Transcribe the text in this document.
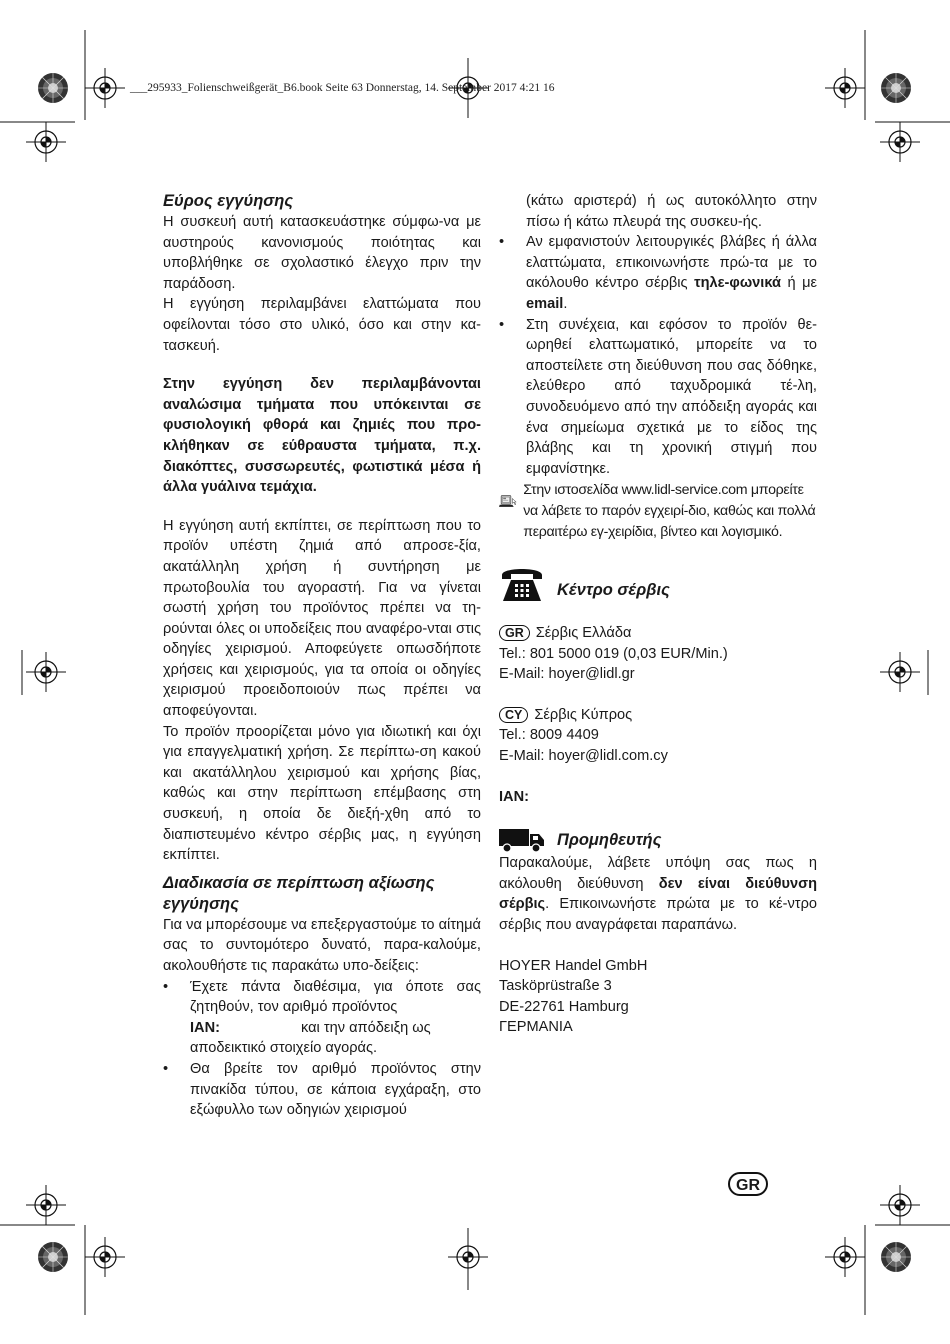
___295933_Folienschweißgerät_B6.book Seite 63 Donnerstag, 14. September 2017 4:21 16
Εύρος εγγύησης

Η συσκευή αυτή κατασκευάστηκε σύμφω-να με αυστηρούς κανονισμούς ποιότητας και υποβλήθηκε σε σχολαστικό έλεγχο πριν την παράδοση.

Η εγγύηση περιλαμβάνει ελαττώματα που οφείλονται τόσο στο υλικό, όσο και στην κα-τασκευή.

Στην εγγύηση δεν περιλαμβάνονται αναλώσιμα τμήματα που υπόκεινται σε φυσιολογική φθορά και ζημιές που προ-κλήθηκαν σε εύθραυστα τμήματα, π.χ. διακόπτες, συσσωρευτές, φωτιστικά μέσα ή άλλα γυάλινα τεμάχια.

Η εγγύηση αυτή εκπίπτει, σε περίπτωση που το προϊόν υπέστη ζημιά από απροσε-ξία, ακατάλληλη χρήση ή συντήρηση με πρωτοβουλία του αγοραστή. Για να γίνεται σωστή χρήση του προϊόντος πρέπει να τη-ρούνται όλες οι υποδείξεις που αναφέρο-νται στις οδηγίες χειρισμού. Αποφεύγετε οπωσδήποτε χρήσεις και χειρισμούς, για τα οποία οι οδηγίες χειρισμού προειδοποιούν πως πρέπει να αποφεύγονται.

Το προϊόν προορίζεται μόνο για ιδιωτική και όχι για επαγγελματική χρήση. Σε περίπτω-ση κακού και ακατάλληλου χειρισμού και χρήσης βίας, καθώς και στην περίπτωση επέμβασης στη συσκευή, η οποία δε διεξή-χθη από το διαπιστευμένο κέντρο σέρβις μας, η εγγύηση εκπίπτει.

Διαδικασία σε περίπτωση αξίωσης εγγύησης

Για να μπορέσουμε να επεξεργαστούμε το αίτημά σας το συντομότερο δυνατό, παρα-καλούμε, ακολουθήστε τις παρακάτω υπο-δείξεις:

• Έχετε πάντα διαθέσιμα, για όποτε σας ζητηθούν, τον αριθμό προϊόντος
IAN:	και την απόδειξη ως
αποδεικτικό στοιχείο αγοράς.
• Θα βρείτε τον αριθμό προϊόντος στην πινακίδα τύπου, σε κάποια εγχάραξη, στο εξώφυλλο των οδηγιών χειρισμού
(κάτω αριστερά) ή ως αυτοκόλλητο στην πίσω ή κάτω πλευρά της συσκευ-ής.
• Αν εμφανιστούν λειτουργικές βλάβες ή άλλα ελαττώματα, επικοινωνήστε πρώ-τα με το ακόλουθο κέντρο σέρβις τηλε-φωνικά ή με email.
• Στη συνέχεια, και εφόσον το προϊόν θε-ωρηθεί ελαττωματικό, μπορείτε να το αποστείλετε στη διεύθυνση που σας δόθηκε, ελεύθερο από ταχυδρομικά τέ-λη, συνοδευόμενο από την απόδειξη αγοράς και ένα σημείωμα σχετικά με το είδος της βλάβης και τη χρονική στιγμή που εμφανίστηκε.
Στην ιστοσελίδα www.lidl-service.com μπορείτε να λάβετε το παρόν εγχειρί-διο, καθώς και πολλά περαιτέρω εγ-χειρίδια, βίντεο και λογισμικό.
Κέντρο σέρβις
GR Σέρβις Ελλάδα
Tel.: 801 5000 019 (0,03 EUR/Min.)
E-Mail: hoyer@lidl.gr
CY Σέρβις Κύπρος
Tel.: 8009 4409
E-Mail: hoyer@lidl.com.cy
IAN:
Προμηθευτής

Παρακαλούμε, λάβετε υπόψη σας πως η ακόλουθη διεύθυνση δεν είναι διεύθυνση σέρβις. Επικοινωνήστε πρώτα με το κέ-ντρο σέρβις που αναγράφεται παραπάνω.

HOYER Handel GmbH
Tasköprüstraße 3
DE-22761 Hamburg
ΓΕΡΜΑΝΙΑ
GR
